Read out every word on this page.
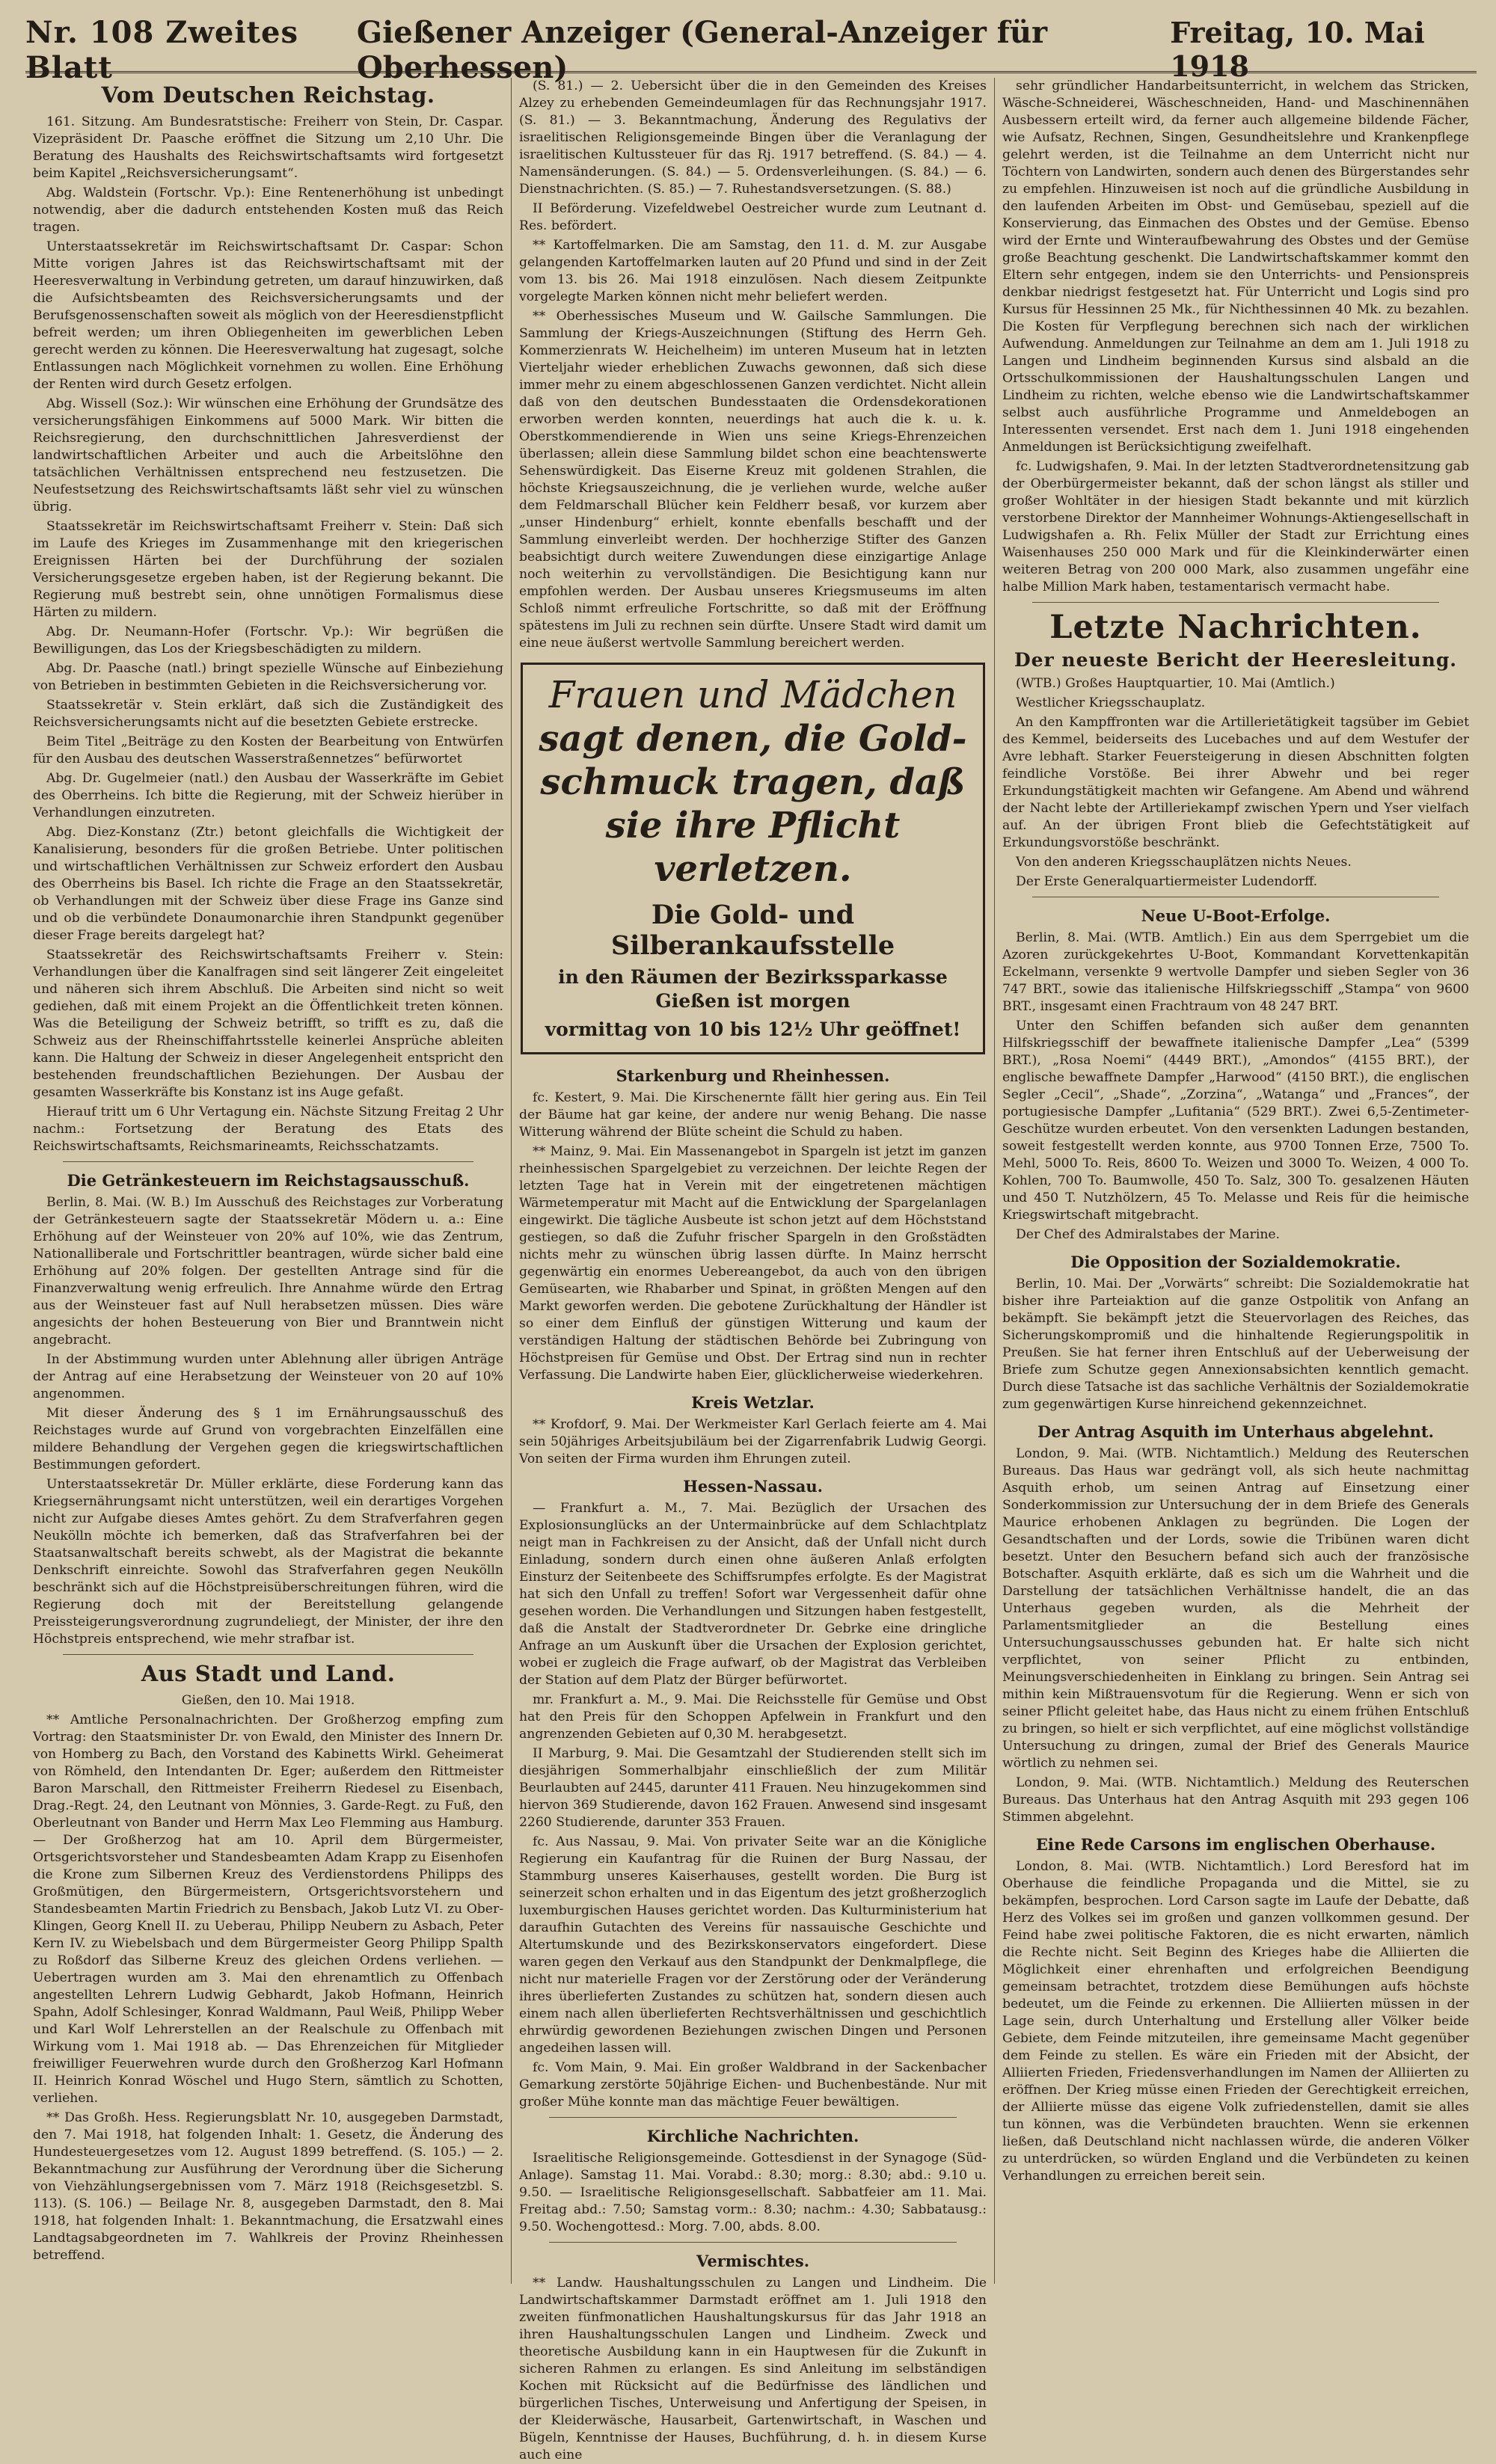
Nr. 108 Zweites Blatt
Gießener Anzeiger (General-Anzeiger für Oberhessen)
Freitag, 10. Mai 1918
Vom Deutschen Reichstag.

161. Sitzung. Am Bundesratstische: Freiherr von Stein, Dr. Caspar. Vizepräsident Dr. Paasche eröffnet die Sitzung um 2,10 Uhr. Die Beratung des Haushalts des Reichswirtschaftsamts wird fortgesetzt beim Kapitel „Reichsversicherungsamt“.

Abg. Waldstein (Fortschr. Vp.): Eine Rentenerhöhung ist unbedingt notwendig, aber die dadurch entstehenden Kosten muß das Reich tragen.

Unterstaatssekretär im Reichswirtschaftsamt Dr. Caspar: Schon Mitte vorigen Jahres ist das Reichswirtschaftsamt mit der Heeresverwaltung in Verbindung getreten, um darauf hinzuwirken, daß die Aufsichtsbeamten des Reichsversicherungsamts und der Berufsgenossenschaften soweit als möglich von der Heeresdienstpflicht befreit werden; um ihren Obliegenheiten im gewerblichen Leben gerecht werden zu können. Die Heeresverwaltung hat zugesagt, solche Entlassungen nach Möglichkeit vornehmen zu wollen. Eine Erhöhung der Renten wird durch Gesetz erfolgen.

Abg. Wissell (Soz.): Wir wünschen eine Erhöhung der Grundsätze des versicherungsfähigen Einkommens auf 5000 Mark. Wir bitten die Reichsregierung, den durchschnittlichen Jahresverdienst der landwirtschaftlichen Arbeiter und auch die Arbeitslöhne den tatsächlichen Verhältnissen entsprechend neu festzusetzen. Die Neufestsetzung des Reichswirtschaftsamts läßt sehr viel zu wünschen übrig.

Staatssekretär im Reichswirtschaftsamt Freiherr v. Stein: Daß sich im Laufe des Krieges im Zusammenhange mit den kriegerischen Ereignissen Härten bei der Durchführung der sozialen Versicherungsgesetze ergeben haben, ist der Regierung bekannt. Die Regierung muß bestrebt sein, ohne unnötigen Formalismus diese Härten zu mildern.

Abg. Dr. Neumann-Hofer (Fortschr. Vp.): Wir begrüßen die Bewilligungen, das Los der Kriegsbeschädigten zu mildern.

Abg. Dr. Paasche (natl.) bringt spezielle Wünsche auf Einbeziehung von Betrieben in bestimmten Gebieten in die Reichsversicherung vor.

Staatssekretär v. Stein erklärt, daß sich die Zuständigkeit des Reichsversicherungsamts nicht auf die besetzten Gebiete erstrecke.

Beim Titel „Beiträge zu den Kosten der Bearbeitung von Entwürfen für den Ausbau des deutschen Wasserstraßennetzes“ befürwortet

Abg. Dr. Gugelmeier (natl.) den Ausbau der Wasserkräfte im Gebiet des Oberrheins. Ich bitte die Regierung, mit der Schweiz hierüber in Verhandlungen einzutreten.

Abg. Diez-Konstanz (Ztr.) betont gleichfalls die Wichtigkeit der Kanalisierung, besonders für die großen Betriebe. Unter politischen und wirtschaftlichen Verhältnissen zur Schweiz erfordert den Ausbau des Oberrheins bis Basel. Ich richte die Frage an den Staatssekretär, ob Verhandlungen mit der Schweiz über diese Frage ins Ganze sind und ob die verbündete Donaumonarchie ihren Standpunkt gegenüber dieser Frage bereits dargelegt hat?

Staatssekretär des Reichswirtschaftsamts Freiherr v. Stein: Verhandlungen über die Kanalfragen sind seit längerer Zeit eingeleitet und näheren sich ihrem Abschluß. Die Arbeiten sind nicht so weit gediehen, daß mit einem Projekt an die Öffentlichkeit treten können. Was die Beteiligung der Schweiz betrifft, so trifft es zu, daß die Schweiz aus der Rheinschiffahrtsstelle keinerlei Ansprüche ableiten kann. Die Haltung der Schweiz in dieser Angelegenheit entspricht den bestehenden freundschaftlichen Beziehungen. Der Ausbau der gesamten Wasserkräfte bis Konstanz ist ins Auge gefaßt.

Hierauf tritt um 6 Uhr Vertagung ein. Nächste Sitzung Freitag 2 Uhr nachm.: Fortsetzung der Beratung des Etats des Reichswirtschaftsamts, Reichsmarineamts, Reichsschatzamts.

Die Getränkesteuern im Reichstagsausschuß.

Berlin, 8. Mai. (W. B.) Im Ausschuß des Reichstages zur Vorberatung der Getränkesteuern sagte der Staatssekretär Mödern u. a.: Eine Erhöhung auf der Weinsteuer von 20% auf 10%, wie das Zentrum, Nationalliberale und Fortschrittler beantragen, würde sicher bald eine Erhöhung auf 20% folgen. Der gestellten Antrage sind für die Finanzverwaltung wenig erfreulich. Ihre Annahme würde den Ertrag aus der Weinsteuer fast auf Null herabsetzen müssen. Dies wäre angesichts der hohen Besteuerung von Bier und Branntwein nicht angebracht.

In der Abstimmung wurden unter Ablehnung aller übrigen Anträge der Antrag auf eine Herabsetzung der Weinsteuer von 20 auf 10% angenommen.

Mit dieser Änderung des § 1 im Ernährungsausschuß des Reichstages wurde auf Grund von vorgebrachten Einzelfällen eine mildere Behandlung der Vergehen gegen die kriegswirtschaftlichen Bestimmungen gefordert.

Unterstaatssekretär Dr. Müller erklärte, diese Forderung kann das Kriegsernährungsamt nicht unterstützen, weil ein derartiges Vorgehen nicht zur Aufgabe dieses Amtes gehört. Zu dem Strafverfahren gegen Neukölln möchte ich bemerken, daß das Strafverfahren bei der Staatsanwaltschaft bereits schwebt, als der Magistrat die bekannte Denkschrift einreichte. Sowohl das Strafverfahren gegen Neukölln beschränkt sich auf die Höchstpreisüberschreitungen führen, wird die Regierung doch mit der Bereitstellung gelangende Preissteigerungsverordnung zugrundeliegt, der Minister, der ihre den Höchstpreis entsprechend, wie mehr strafbar ist.

Aus Stadt und Land.

Gießen, den 10. Mai 1918.

** Amtliche Personalnachrichten. Der Großherzog empfing zum Vortrag: den Staatsminister Dr. von Ewald, den Minister des Innern Dr. von Homberg zu Bach, den Vorstand des Kabinetts Wirkl. Geheimerat von Römheld, den Intendanten Dr. Eger; außerdem den Rittmeister Baron Marschall, den Rittmeister Freiherrn Riedesel zu Eisenbach, Drag.-Regt. 24, den Leutnant von Mönnies, 3. Garde-Regt. zu Fuß, den Oberleutnant von Bander und Herrn Max Leo Flemming aus Hamburg. — Der Großherzog hat am 10. April dem Bürgermeister, Ortsgerichtsvorsteher und Standesbeamten Adam Krapp zu Eisenhofen die Krone zum Silbernen Kreuz des Verdienstordens Philipps des Großmütigen, den Bürgermeistern, Ortsgerichtsvorstehern und Standesbeamten Martin Friedrich zu Bensbach, Jakob Lutz VI. zu Ober-Klingen, Georg Knell II. zu Ueberau, Philipp Neubern zu Asbach, Peter Kern IV. zu Wiebelsbach und dem Bürgermeister Georg Philipp Spalth zu Roßdorf das Silberne Kreuz des gleichen Ordens verliehen. — Uebertragen wurden am 3. Mai den ehrenamtlich zu Offenbach angestellten Lehrern Ludwig Gebhardt, Jakob Hofmann, Heinrich Spahn, Adolf Schlesinger, Konrad Waldmann, Paul Weiß, Philipp Weber und Karl Wolf Lehrerstellen an der Realschule zu Offenbach mit Wirkung vom 1. Mai 1918 ab. — Das Ehrenzeichen für Mitglieder freiwilliger Feuerwehren wurde durch den Großherzog Karl Hofmann II. Heinrich Konrad Wöschel und Hugo Stern, sämtlich zu Schotten, verliehen.

** Das Großh. Hess. Regierungsblatt Nr. 10, ausgegeben Darmstadt, den 7. Mai 1918, hat folgenden Inhalt: 1. Gesetz, die Änderung des Hundesteuergesetzes vom 12. August 1899 betreffend. (S. 105.) — 2. Bekanntmachung zur Ausführung der Verordnung über die Sicherung von Viehzählungsergebnissen vom 7. März 1918 (Reichsgesetzbl. S. 113). (S. 106.) — Beilage Nr. 8, ausgegeben Darmstadt, den 8. Mai 1918, hat folgenden Inhalt: 1. Bekanntmachung, die Ersatzwahl eines Landtagsabgeordneten im 7. Wahlkreis der Provinz Rheinhessen betreffend.

(S. 81.) — 2. Uebersicht über die in den Gemeinden des Kreises Alzey zu erhebenden Gemeindeumlagen für das Rechnungsjahr 1917. (S. 81.) — 3. Bekanntmachung, Änderung des Regulativs der israelitischen Religionsgemeinde Bingen über die Veranlagung der israelitischen Kultussteuer für das Rj. 1917 betreffend. (S. 84.) — 4. Namensänderungen. (S. 84.) — 5. Ordensverleihungen. (S. 84.) — 6. Dienstnachrichten. (S. 85.) — 7. Ruhestandsversetzungen. (S. 88.)

II Beförderung. Vizefeldwebel Oestreicher wurde zum Leutnant d. Res. befördert.

** Kartoffelmarken. Die am Samstag, den 11. d. M. zur Ausgabe gelangenden Kartoffelmarken lauten auf 20 Pfund und sind in der Zeit vom 13. bis 26. Mai 1918 einzulösen. Nach diesem Zeitpunkte vorgelegte Marken können nicht mehr beliefert werden.

** Oberhessisches Museum und W. Gailsche Sammlungen. Die Sammlung der Kriegs-Auszeichnungen (Stiftung des Herrn Geh. Kommerzienrats W. Heichelheim) im unteren Museum hat in letzten Vierteljahr wieder erheblichen Zuwachs gewonnen, daß sich diese immer mehr zu einem abgeschlossenen Ganzen verdichtet. Nicht allein daß von den deutschen Bundesstaaten die Ordensdekorationen erworben werden konnten, neuerdings hat auch die k. u. k. Oberstkommendierende in Wien uns seine Kriegs-Ehrenzeichen überlassen; allein diese Sammlung bildet schon eine beachtenswerte Sehenswürdigkeit. Das Eiserne Kreuz mit goldenen Strahlen, die höchste Kriegsauszeichnung, die je verliehen wurde, welche außer dem Feldmarschall Blücher kein Feldherr besaß, vor kurzem aber „unser Hindenburg“ erhielt, konnte ebenfalls beschafft und der Sammlung einverleibt werden. Der hochherzige Stifter des Ganzen beabsichtigt durch weitere Zuwendungen diese einzigartige Anlage noch weiterhin zu vervollständigen. Die Besichtigung kann nur empfohlen werden. Der Ausbau unseres Kriegsmuseums im alten Schloß nimmt erfreuliche Fortschritte, so daß mit der Eröffnung spätestens im Juli zu rechnen sein dürfte. Unsere Stadt wird damit um eine neue äußerst wertvolle Sammlung bereichert werden.

Frauen und Mädchen
sagt denen, die Gold-
schmuck tragen, daß
sie ihre Pflicht verletzen.
Die Gold- und Silberankaufsstelle
in den Räumen der Bezirkssparkasse Gießen ist morgen
vormittag von 10 bis 12½ Uhr geöffnet!
Starkenburg und Rheinhessen.

fc. Kestert, 9. Mai. Die Kirschenernte fällt hier gering aus. Ein Teil der Bäume hat gar keine, der andere nur wenig Behang. Die nasse Witterung während der Blüte scheint die Schuld zu haben.

** Mainz, 9. Mai. Ein Massenangebot in Spargeln ist jetzt im ganzen rheinhessischen Spargelgebiet zu verzeichnen. Der leichte Regen der letzten Tage hat in Verein mit der eingetretenen mächtigen Wärmetemperatur mit Macht auf die Entwicklung der Spargelanlagen eingewirkt. Die tägliche Ausbeute ist schon jetzt auf dem Höchststand gestiegen, so daß die Zufuhr frischer Spargeln in den Großstädten nichts mehr zu wünschen übrig lassen dürfte. In Mainz herrscht gegenwärtig ein enormes Uebereangebot, da auch von den übrigen Gemüsearten, wie Rhabarber und Spinat, in größten Mengen auf den Markt geworfen werden. Die gebotene Zurückhaltung der Händler ist so einer dem Einfluß der günstigen Witterung und kaum der verständigen Haltung der städtischen Behörde bei Zubringung von Höchstpreisen für Gemüse und Obst. Der Ertrag sind nun in rechter Verfassung. Die Landwirte haben Eier, glücklicherweise wiederkehren.

Kreis Wetzlar.

** Krofdorf, 9. Mai. Der Werkmeister Karl Gerlach feierte am 4. Mai sein 50jähriges Arbeitsjubiläum bei der Zigarrenfabrik Ludwig Georgi. Von seiten der Firma wurden ihm Ehrungen zuteil.

Hessen-Nassau.

— Frankfurt a. M., 7. Mai. Bezüglich der Ursachen des Explosionsunglücks an der Untermainbrücke auf dem Schlachtplatz neigt man in Fachkreisen zu der Ansicht, daß der Unfall nicht durch Einladung, sondern durch einen ohne äußeren Anlaß erfolgten Einsturz der Seitenbeete des Schiffsrumpfes erfolgte. Es der Magistrat hat sich den Unfall zu treffen! Sofort war Vergessenheit dafür ohne gesehen worden. Die Verhandlungen und Sitzungen haben festgestellt, daß die Anstalt der Stadtverordneter Dr. Gebrke eine dringliche Anfrage an um Auskunft über die Ursachen der Explosion gerichtet, wobei er zugleich die Frage aufwarf, ob der Magistrat das Verbleiben der Station auf dem Platz der Bürger befürwortet.

mr. Frankfurt a. M., 9. Mai. Die Reichsstelle für Gemüse und Obst hat den Preis für den Schoppen Apfelwein in Frankfurt und den angrenzenden Gebieten auf 0,30 M. herabgesetzt.

II Marburg, 9. Mai. Die Gesamtzahl der Studierenden stellt sich im diesjährigen Sommerhalbjahr einschließlich der zum Militär Beurlaubten auf 2445, darunter 411 Frauen. Neu hinzugekommen sind hiervon 369 Studierende, davon 162 Frauen. Anwesend sind insgesamt 2260 Studierende, darunter 353 Frauen.

fc. Aus Nassau, 9. Mai. Von privater Seite war an die Königliche Regierung ein Kaufantrag für die Ruinen der Burg Nassau, der Stammburg unseres Kaiserhauses, gestellt worden. Die Burg ist seinerzeit schon erhalten und in das Eigentum des jetzt großherzoglich luxemburgischen Hauses gerichtet worden. Das Kulturministerium hat daraufhin Gutachten des Vereins für nassauische Geschichte und Altertumskunde und des Bezirkskonservators eingefordert. Diese waren gegen den Verkauf aus den Standpunkt der Denkmalpflege, die nicht nur materielle Fragen vor der Zerstörung oder der Veränderung ihres überlieferten Zustandes zu schützen hat, sondern diesen auch einem nach allen überlieferten Rechtsverhältnissen und geschichtlich ehrwürdig gewordenen Beziehungen zwischen Dingen und Personen angedeihen lassen will.

fc. Vom Main, 9. Mai. Ein großer Waldbrand in der Sackenbacher Gemarkung zerstörte 50jährige Eichen- und Buchenbestände. Nur mit großer Mühe konnte man das mächtige Feuer bewältigen.

Kirchliche Nachrichten.

Israelitische Religionsgemeinde. Gottesdienst in der Synagoge (Süd-Anlage). Samstag 11. Mai. Vorabd.: 8.30; morg.: 8.30; abd.: 9.10 u. 9.50. — Israelitische Religionsgesellschaft. Sabbatfeier am 11. Mai. Freitag abd.: 7.50; Samstag vorm.: 8.30; nachm.: 4.30; Sabbatausg.: 9.50. Wochengottesd.: Morg. 7.00, abds. 8.00.

Vermischtes.

** Landw. Haushaltungsschulen zu Langen und Lindheim. Die Landwirtschaftskammer Darmstadt eröffnet am 1. Juli 1918 den zweiten fünfmonatlichen Haushaltungskursus für das Jahr 1918 an ihren Haushaltungsschulen Langen und Lindheim. Zweck und theoretische Ausbildung kann in ein Hauptwesen für die Zukunft in sicheren Rahmen zu erlangen. Es sind Anleitung im selbständigen Kochen mit Rücksicht auf die Bedürfnisse des ländlichen und bürgerlichen Tisches, Unterweisung und Anfertigung der Speisen, in der Kleiderwäsche, Hausarbeit, Gartenwirtschaft, in Waschen und Bügeln, Kenntnisse der Hauses, Buchführung, d. h. in diesem Kurse auch eine

sehr gründlicher Handarbeitsunterricht, in welchem das Stricken, Wäsche-Schneiderei, Wäscheschneiden, Hand- und Maschinennähen Ausbessern erteilt wird, da ferner auch allgemeine bildende Fächer, wie Aufsatz, Rechnen, Singen, Gesundheitslehre und Krankenpflege gelehrt werden, ist die Teilnahme an dem Unterricht nicht nur Töchtern von Landwirten, sondern auch denen des Bürgerstandes sehr zu empfehlen. Hinzuweisen ist noch auf die gründliche Ausbildung in den laufenden Arbeiten im Obst- und Gemüsebau, speziell auf die Konservierung, das Einmachen des Obstes und der Gemüse. Ebenso wird der Ernte und Winteraufbewahrung des Obstes und der Gemüse große Beachtung geschenkt. Die Landwirtschaftskammer kommt den Eltern sehr entgegen, indem sie den Unterrichts- und Pensionspreis denkbar niedrigst festgesetzt hat. Für Unterricht und Logis sind pro Kursus für Hessinnen 25 Mk., für Nichthessinnen 40 Mk. zu bezahlen. Die Kosten für Verpflegung berechnen sich nach der wirklichen Aufwendung. Anmeldungen zur Teilnahme an dem am 1. Juli 1918 zu Langen und Lindheim beginnenden Kursus sind alsbald an die Ortsschulkommissionen der Haushaltungsschulen Langen und Lindheim zu richten, welche ebenso wie die Landwirtschaftskammer selbst auch ausführliche Programme und Anmeldebogen an Interessenten versendet. Erst nach dem 1. Juni 1918 eingehenden Anmeldungen ist Berücksichtigung zweifelhaft.

fc. Ludwigshafen, 9. Mai. In der letzten Stadtverordnetensitzung gab der Oberbürgermeister bekannt, daß der schon längst als stiller und großer Wohltäter in der hiesigen Stadt bekannte und mit kürzlich verstorbene Direktor der Mannheimer Wohnungs-Aktiengesellschaft in Ludwigshafen a. Rh. Felix Müller der Stadt zur Errichtung eines Waisenhauses 250 000 Mark und für die Kleinkinderwärter einen weiteren Betrag von 200 000 Mark, also zusammen ungefähr eine halbe Million Mark haben, testamentarisch vermacht habe.

Letzte Nachrichten.
Der neueste Bericht der Heeresleitung.

(WTB.) Großes Hauptquartier, 10. Mai (Amtlich.)

Westlicher Kriegsschauplatz.

An den Kampffronten war die Artillerietätigkeit tagsüber im Gebiet des Kemmel, beiderseits des Lucebaches und auf dem Westufer der Avre lebhaft. Starker Feuersteigerung in diesen Abschnitten folgten feindliche Vorstöße. Bei ihrer Abwehr und bei reger Erkundungstätigkeit machten wir Gefangene. Am Abend und während der Nacht lebte der Artilleriekampf zwischen Ypern und Yser vielfach auf. An der übrigen Front blieb die Gefechtstätigkeit auf Erkundungsvorstöße beschränkt.

Von den anderen Kriegsschauplätzen nichts Neues.

Der Erste Generalquartiermeister Ludendorff.

Neue U-Boot-Erfolge.

Berlin, 8. Mai. (WTB. Amtlich.) Ein aus dem Sperrgebiet um die Azoren zurückgekehrtes U-Boot, Kommandant Korvettenkapitän Eckelmann, versenkte 9 wertvolle Dampfer und sieben Segler von 36 747 BRT., sowie das italienische Hilfskriegsschiff „Stampa“ von 9600 BRT., insgesamt einen Frachtraum von 48 247 BRT.

Unter den Schiffen befanden sich außer dem genannten Hilfskriegsschiff der bewaffnete italienische Dampfer „Lea“ (5399 BRT.), „Rosa Noemi“ (4449 BRT.), „Amondos“ (4155 BRT.), der englische bewaffnete Dampfer „Harwood“ (4150 BRT.), die englischen Segler „Cecil“, „Shade“, „Zorzina“, „Watanga“ und „Frances“, der portugiesische Dampfer „Lufitania“ (529 BRT.). Zwei 6,5-Zentimeter-Geschütze wurden erbeutet. Von den versenkten Ladungen bestanden, soweit festgestellt werden konnte, aus 9700 Tonnen Erze, 7500 To. Mehl, 5000 To. Reis, 8600 To. Weizen und 3000 To. Weizen, 4 000 To. Kohlen, 700 To. Baumwolle, 450 To. Salz, 300 To. gesalzenen Häuten und 450 T. Nutzhölzern, 45 To. Melasse und Reis für die heimische Kriegswirtschaft mitgebracht.

Der Chef des Admiralstabes der Marine.

Die Opposition der Sozialdemokratie.

Berlin, 10. Mai. Der „Vorwärts“ schreibt: Die Sozialdemokratie hat bisher ihre Parteiaktion auf die ganze Ostpolitik von Anfang an bekämpft. Sie bekämpft jetzt die Steuervorlagen des Reiches, das Sicherungskompromiß und die hinhaltende Regierungspolitik in Preußen. Sie hat ferner ihren Entschluß auf der Ueberweisung der Briefe zum Schutze gegen Annexionsabsichten kenntlich gemacht. Durch diese Tatsache ist das sachliche Verhältnis der Sozialdemokratie zum gegenwärtigen Kurse hinreichend gekennzeichnet.

Der Antrag Asquith im Unterhaus abgelehnt.

London, 9. Mai. (WTB. Nichtamtlich.) Meldung des Reuterschen Bureaus. Das Haus war gedrängt voll, als sich heute nachmittag Asquith erhob, um seinen Antrag auf Einsetzung einer Sonderkommission zur Untersuchung der in dem Briefe des Generals Maurice erhobenen Anklagen zu begründen. Die Logen der Gesandtschaften und der Lords, sowie die Tribünen waren dicht besetzt. Unter den Besuchern befand sich auch der französische Botschafter. Asquith erklärte, daß es sich um die Wahrheit und die Darstellung der tatsächlichen Verhältnisse handelt, die an das Unterhaus gegeben wurden, als die Mehrheit der Parlamentsmitglieder an die Bestellung eines Untersuchungsausschusses gebunden hat. Er halte sich nicht verpflichtet, von seiner Pflicht zu entbinden, Meinungsverschiedenheiten in Einklang zu bringen. Sein Antrag sei mithin kein Mißtrauensvotum für die Regierung. Wenn er sich von seiner Pflicht geleitet habe, das Haus nicht zu einem frühen Entschluß zu bringen, so hielt er sich verpflichtet, auf eine möglichst vollständige Untersuchung zu dringen, zumal der Brief des Generals Maurice wörtlich zu nehmen sei.

London, 9. Mai. (WTB. Nichtamtlich.) Meldung des Reuterschen Bureaus. Das Unterhaus hat den Antrag Asquith mit 293 gegen 106 Stimmen abgelehnt.

Eine Rede Carsons im englischen Oberhause.

London, 8. Mai. (WTB. Nichtamtlich.) Lord Beresford hat im Oberhause die feindliche Propaganda und die Mittel, sie zu bekämpfen, besprochen. Lord Carson sagte im Laufe der Debatte, daß Herz des Volkes sei im großen und ganzen vollkommen gesund. Der Feind habe zwei politische Faktoren, die es nicht erwarten, nämlich die Rechte nicht. Seit Beginn des Krieges habe die Alliierten die Möglichkeit einer ehrenhaften und erfolgreichen Beendigung gemeinsam betrachtet, trotzdem diese Bemühungen aufs höchste bedeutet, um die Feinde zu erkennen. Die Alliierten müssen in der Lage sein, durch Unterhaltung und Erstellung aller Völker beide Gebiete, dem Feinde mitzuteilen, ihre gemeinsame Macht gegenüber dem Feinde zu stellen. Es wäre ein Frieden mit der Absicht, der Alliierten Frieden, Friedensverhandlungen im Namen der Alliierten zu eröffnen. Der Krieg müsse einen Frieden der Gerechtigkeit erreichen, der Alliierte müsse das eigene Volk zufriedenstellen, damit sie alles tun können, was die Verbündeten brauchten. Wenn sie erkennen ließen, daß Deutschland nicht nachlassen würde, die anderen Völker zu unterdrücken, so würden England und die Verbündeten zu keinen Verhandlungen zu erreichen bereit sein.
